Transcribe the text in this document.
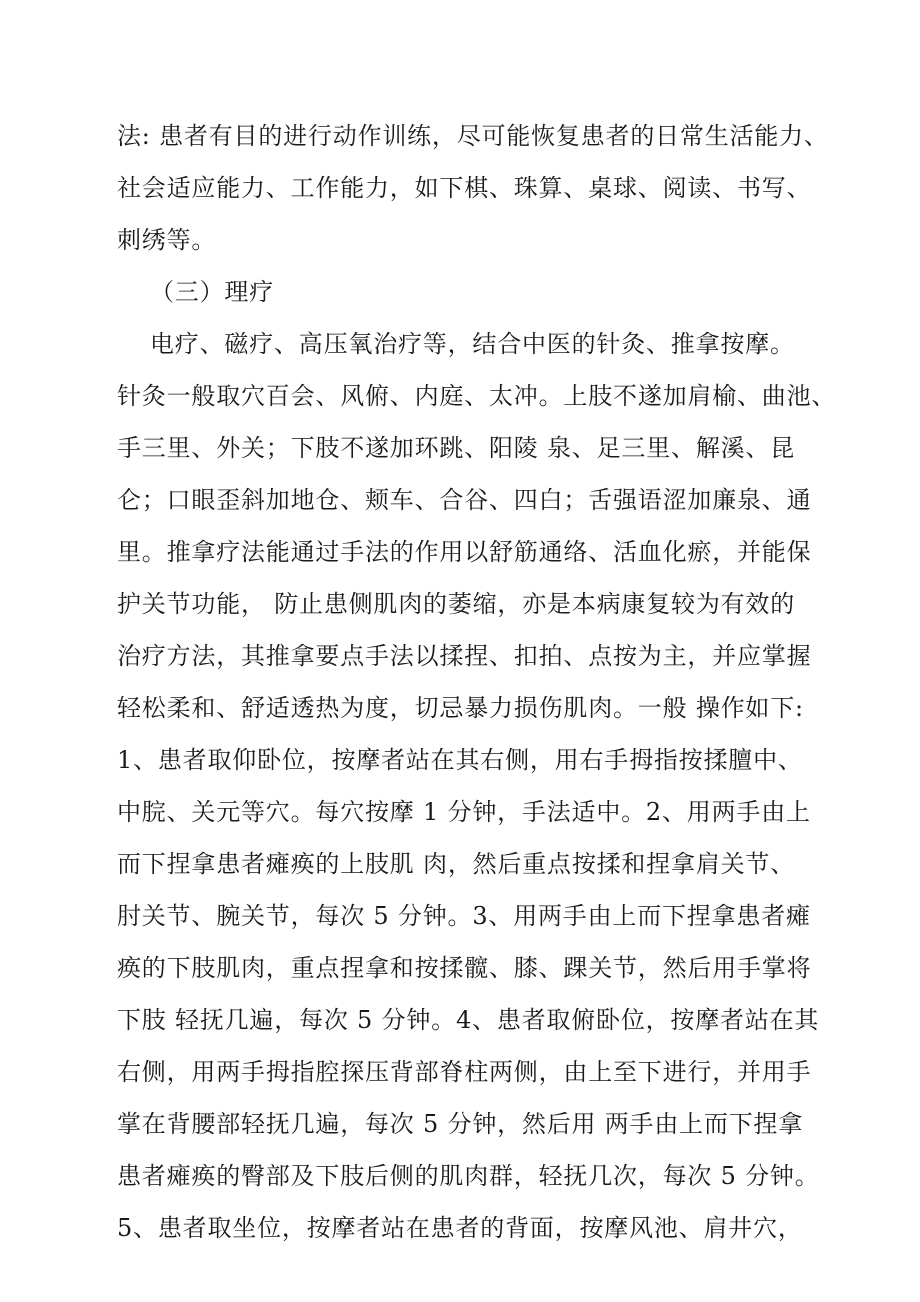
法: 患者有目的进行动作训练，尽可能恢复患者的日常生活能力、
社会适应能力、工作能力，如下棋、珠算、桌球、阅读、书写、
刺绣等。
（三）理疗
电疗、磁疗、高压氧治疗等，结合中医的针灸、推拿按摩。
针灸一般取穴百会、风俯、内庭、太冲。上肢不遂加肩榆、曲池、
手三里、外关；下肢不遂加环跳、阳陵 泉、足三里、解溪、昆
仑；口眼歪斜加地仓、颊车、合谷、四白；舌强语涩加廉泉、通
里。推拿疗法能通过手法的作用以舒筋通络、活血化瘀，并能保
护关节功能， 防止患侧肌肉的萎缩，亦是本病康复较为有效的
治疗方法，其推拿要点手法以揉捏、扣拍、点按为主，并应掌握
轻松柔和、舒适透热为度，切忌暴力损伤肌肉。一般 操作如下:
1、患者取仰卧位，按摩者站在其右侧，用右手拇指按揉膻中、
中脘、关元等穴。每穴按摩 1 分钟，手法适中。2、用两手由上
而下捏拿患者瘫痪的上肢肌 肉，然后重点按揉和捏拿肩关节、
肘关节、腕关节，每次 5 分钟。3、用两手由上而下捏拿患者瘫
痪的下肢肌肉，重点捏拿和按揉髋、膝、踝关节，然后用手掌将
下肢 轻抚几遍，每次 5 分钟。4、患者取俯卧位，按摩者站在其
右侧，用两手拇指腔探压背部脊柱两侧，由上至下进行，并用手
掌在背腰部轻抚几遍，每次 5 分钟，然后用 两手由上而下捏拿
患者瘫痪的臀部及下肢后侧的肌肉群，轻抚几次，每次 5 分钟。
5、患者取坐位，按摩者站在患者的背面，按摩风池、肩井穴，
